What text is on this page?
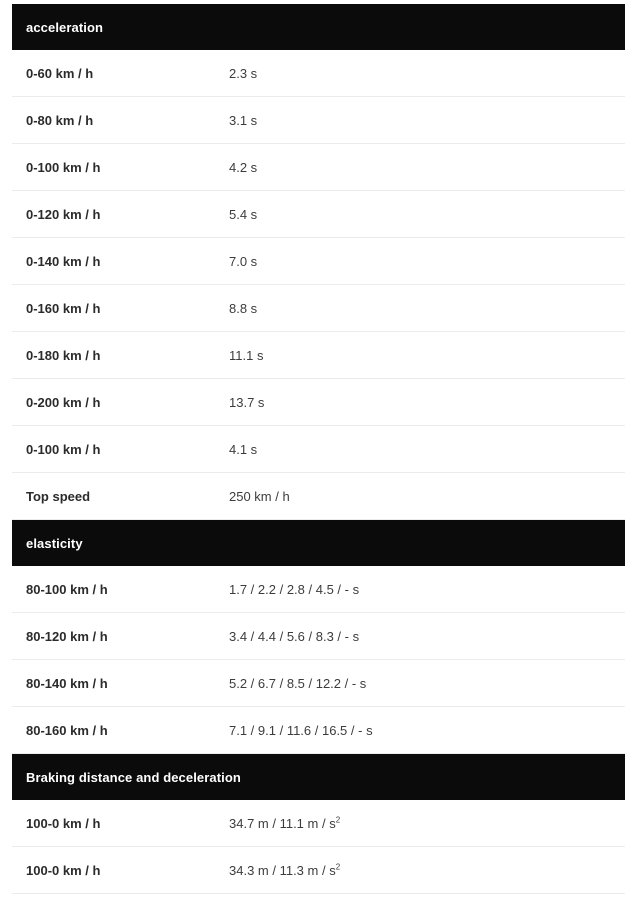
acceleration
0-60 km / h	2.3 s
0-80 km / h	3.1 s
0-100 km / h	4.2 s
0-120 km / h	5.4 s
0-140 km / h	7.0 s
0-160 km / h	8.8 s
0-180 km / h	11.1 s
0-200 km / h	13.7 s
0-100 km / h	4.1 s
Top speed	250 km / h
elasticity
80-100 km / h	1.7 / 2.2 / 2.8 / 4.5 / - s
80-120 km / h	3.4 / 4.4 / 5.6 / 8.3 / - s
80-140 km / h	5.2 / 6.7 / 8.5 / 12.2 / - s
80-160 km / h	7.1 / 9.1 / 11.6 / 16.5 / - s
Braking distance and deceleration
100-0 km / h	34.7 m / 11.1 m / $s^2$
100-0 km / h	34.3 m / 11.3 m / $s^2$
